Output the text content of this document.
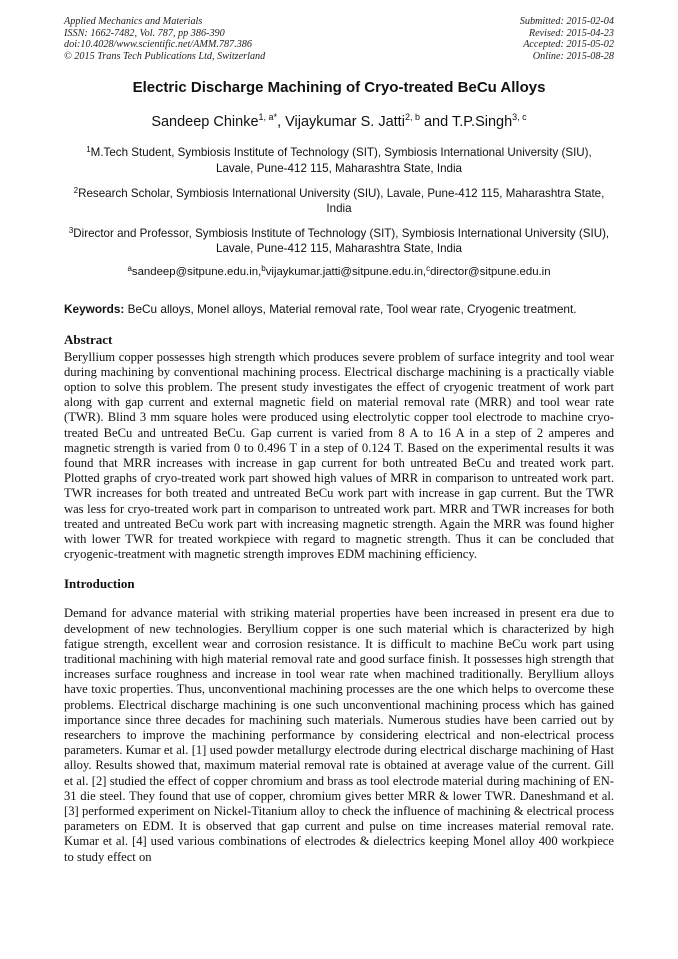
Applied Mechanics and Materials
ISSN: 1662-7482, Vol. 787, pp 386-390
doi:10.4028/www.scientific.net/AMM.787.386
© 2015 Trans Tech Publications Ltd, Switzerland
Submitted: 2015-02-04
Revised: 2015-04-23
Accepted: 2015-05-02
Online: 2015-08-28
Electric Discharge Machining of Cryo-treated BeCu Alloys
Sandeep Chinke$^{1, a*}$, Vijaykumar S. Jatti$^{2, b}$ and T.P.Singh$^{3, c}$
$^1$M.Tech Student, Symbiosis Institute of Technology (SIT), Symbiosis International University (SIU), Lavale, Pune-412 115, Maharashtra State, India
$^2$Research Scholar, Symbiosis International University (SIU), Lavale, Pune-412 115, Maharashtra State, India
$^3$Director and Professor, Symbiosis Institute of Technology (SIT), Symbiosis International University (SIU), Lavale, Pune-412 115, Maharashtra State, India
$^a$sandeep@sitpune.edu.in,$^b$vijaykumar.jatti@sitpune.edu.in,$^c$director@sitpune.edu.in
Keywords: BeCu alloys, Monel alloys, Material removal rate, Tool wear rate, Cryogenic treatment.
Abstract
Beryllium copper possesses high strength which produces severe problem of surface integrity and tool wear during machining by conventional machining process. Electrical discharge machining is a practically viable option to solve this problem. The present study investigates the effect of cryogenic treatment of work part along with gap current and external magnetic field on material removal rate (MRR) and tool wear rate (TWR). Blind 3 mm square holes were produced using electrolytic copper tool electrode to machine cryo-treated BeCu and untreated BeCu. Gap current is varied from 8 A to 16 A in a step of 2 amperes and magnetic strength is varied from 0 to 0.496 T in a step of 0.124 T. Based on the experimental results it was found that MRR increases with increase in gap current for both untreated BeCu and treated work part. Plotted graphs of cryo-treated work part showed high values of MRR in comparison to untreated work part. TWR increases for both treated and untreated BeCu work part with increase in gap current. But the TWR was less for cryo-treated work part in comparison to untreated work part. MRR and TWR increases for both treated and untreated BeCu work part with increasing magnetic strength. Again the MRR was found higher with lower TWR for treated workpiece with regard to magnetic strength. Thus it can be concluded that cryogenic-treatment with magnetic strength improves EDM machining efficiency.
Introduction
Demand for advance material with striking material properties have been increased in present era due to development of new technologies. Beryllium copper is one such material which is characterized by high fatigue strength, excellent wear and corrosion resistance. It is difficult to machine BeCu work part using traditional machining with high material removal rate and good surface finish. It possesses high strength that increases surface roughness and increase in tool wear rate when machined traditionally. Beryllium alloys have toxic properties. Thus, unconventional machining processes are the one which helps to overcome these problems. Electrical discharge machining is one such unconventional machining process which has gained importance since three decades for machining such materials. Numerous studies have been carried out by researchers to improve the machining performance by considering electrical and non-electrical process parameters. Kumar et al. [1] used powder metallurgy electrode during electrical discharge machining of Hast alloy. Results showed that, maximum material removal rate is obtained at average value of the current. Gill et al. [2] studied the effect of copper chromium and brass as tool electrode material during machining of EN-31 die steel. They found that use of copper, chromium gives better MRR & lower TWR. Daneshmand et al. [3] performed experiment on Nickel-Titanium alloy to check the influence of machining & electrical process parameters on EDM. It is observed that gap current and pulse on time increases material removal rate. Kumar et al. [4] used various combinations of electrodes & dielectrics keeping Monel alloy 400 workpiece to study effect on
